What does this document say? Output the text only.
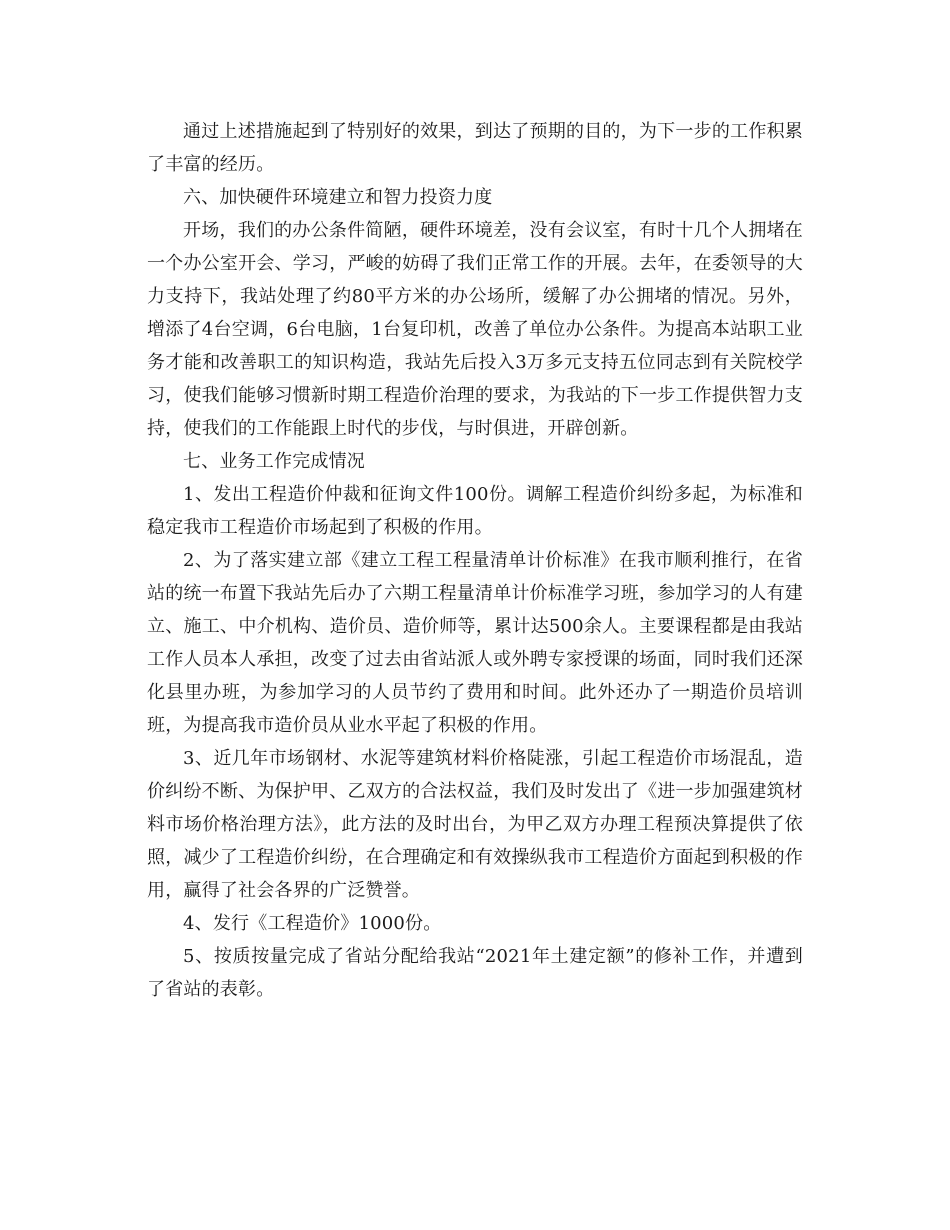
通过上述措施起到了特别好的效果，到达了预期的目的，为下一步的工作积累了丰富的经历。

六、加快硬件环境建立和智力投资力度

开场，我们的办公条件简陋，硬件环境差，没有会议室，有时十几个人拥堵在一个办公室开会、学习，严峻的妨碍了我们正常工作的开展。去年，在委领导的大力支持下，我站处理了约80平方米的办公场所，缓解了办公拥堵的情况。另外，增添了4台空调，6台电脑，1台复印机，改善了单位办公条件。为提高本站职工业务才能和改善职工的知识构造，我站先后投入3万多元支持五位同志到有关院校学习，使我们能够习惯新时期工程造价治理的要求，为我站的下一步工作提供智力支持，使我们的工作能跟上时代的步伐，与时俱进，开辟创新。

七、业务工作完成情况

1、发出工程造价仲裁和征询文件100份。调解工程造价纠纷多起，为标准和稳定我市工程造价市场起到了积极的作用。

2、为了落实建立部《建立工程工程量清单计价标准》在我市顺利推行，在省站的统一布置下我站先后办了六期工程量清单计价标准学习班，参加学习的人有建立、施工、中介机构、造价员、造价师等，累计达500余人。主要课程都是由我站工作人员本人承担，改变了过去由省站派人或外聘专家授课的场面，同时我们还深化县里办班，为参加学习的人员节约了费用和时间。此外还办了一期造价员培训班，为提高我市造价员从业水平起了积极的作用。

3、近几年市场钢材、水泥等建筑材料价格陡涨，引起工程造价市场混乱，造价纠纷不断、为保护甲、乙双方的合法权益，我们及时发出了《进一步加强建筑材料市场价格治理方法》，此方法的及时出台，为甲乙双方办理工程预决算提供了依照，减少了工程造价纠纷，在合理确定和有效操纵我市工程造价方面起到积极的作用，赢得了社会各界的广泛赞誉。

4、发行《工程造价》1000份。

5、按质按量完成了省站分配给我站“2021年土建定额”的修补工作，并遭到了省站的表彰。
